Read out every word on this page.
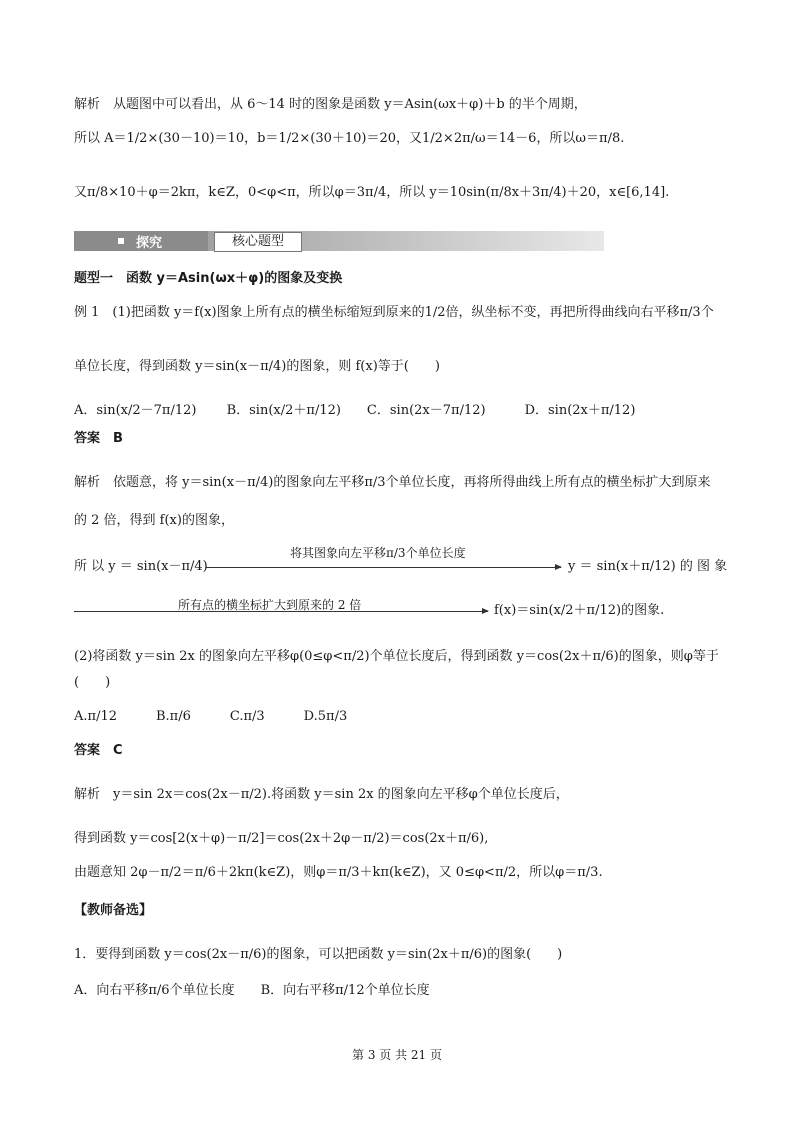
解析　从题图中可以看出，从 6～14 时的图象是函数 y＝Asin(ωx＋φ)＋b 的半个周期，
所以 A＝1/2×(30－10)＝10，b＝1/2×(30＋10)＝20，又1/2×2π/ω＝14－6，所以ω＝π/8.
又π/8×10＋φ＝2kπ，k∈Z，0<φ<π，所以φ＝3π/4，所以 y＝10sin(π/8x＋3π/4)＋20，x∈[6,14].
探究	核心题型
题型一　函数 y＝Asin(ωx＋φ)的图象及变换
例 1　(1)把函数 y＝f(x)图象上所有点的横坐标缩短到原来的1/2倍，纵坐标不变，再把所得曲线向右平移π/3个
单位长度，得到函数 y＝sin(x－π/4)的图象，则 f(x)等于(　　)
A．sin(x/2－7π/12)　　 B．sin(x/2＋π/12)　　C．sin(2x－7π/12)　　　D．sin(2x＋π/12)
答案　B
解析　依题意，将 y＝sin(x－π/4)的图象向左平移π/3个单位长度，再将所得曲线上所有点的横坐标扩大到原来
的 2 倍，得到 f(x)的图象，
所 以 y ＝ sin(x－π/4)
将其图象向左平移π/3个单位长度
y ＝ sin(x＋π/12) 的 图 象
所有点的横坐标扩大到原来的 2 倍	f(x)＝sin(x/2＋π/12)的图象.
(2)将函数 y＝sin 2x 的图象向左平移φ(0≤φ<π/2)个单位长度后，得到函数 y＝cos(2x＋π/6)的图象，则φ等于
(　　)
A.π/12　　　B.π/6　　　C.π/3　　　D.5π/3
答案　C
解析　y＝sin 2x＝cos(2x－π/2).将函数 y＝sin 2x 的图象向左平移φ个单位长度后，
得到函数 y＝cos[2(x＋φ)－π/2]＝cos(2x＋2φ－π/2)＝cos(2x＋π/6),
由题意知 2φ－π/2＝π/6＋2kπ(k∈Z)，则φ＝π/3＋kπ(k∈Z)，又 0≤φ<π/2，所以φ＝π/3.
【教师备选】
1．要得到函数 y＝cos(2x－π/6)的图象，可以把函数 y＝sin(2x＋π/6)的图象(　　)
A．向右平移π/6个单位长度　　B．向右平移π/12个单位长度
第 3 页 共 21 页
